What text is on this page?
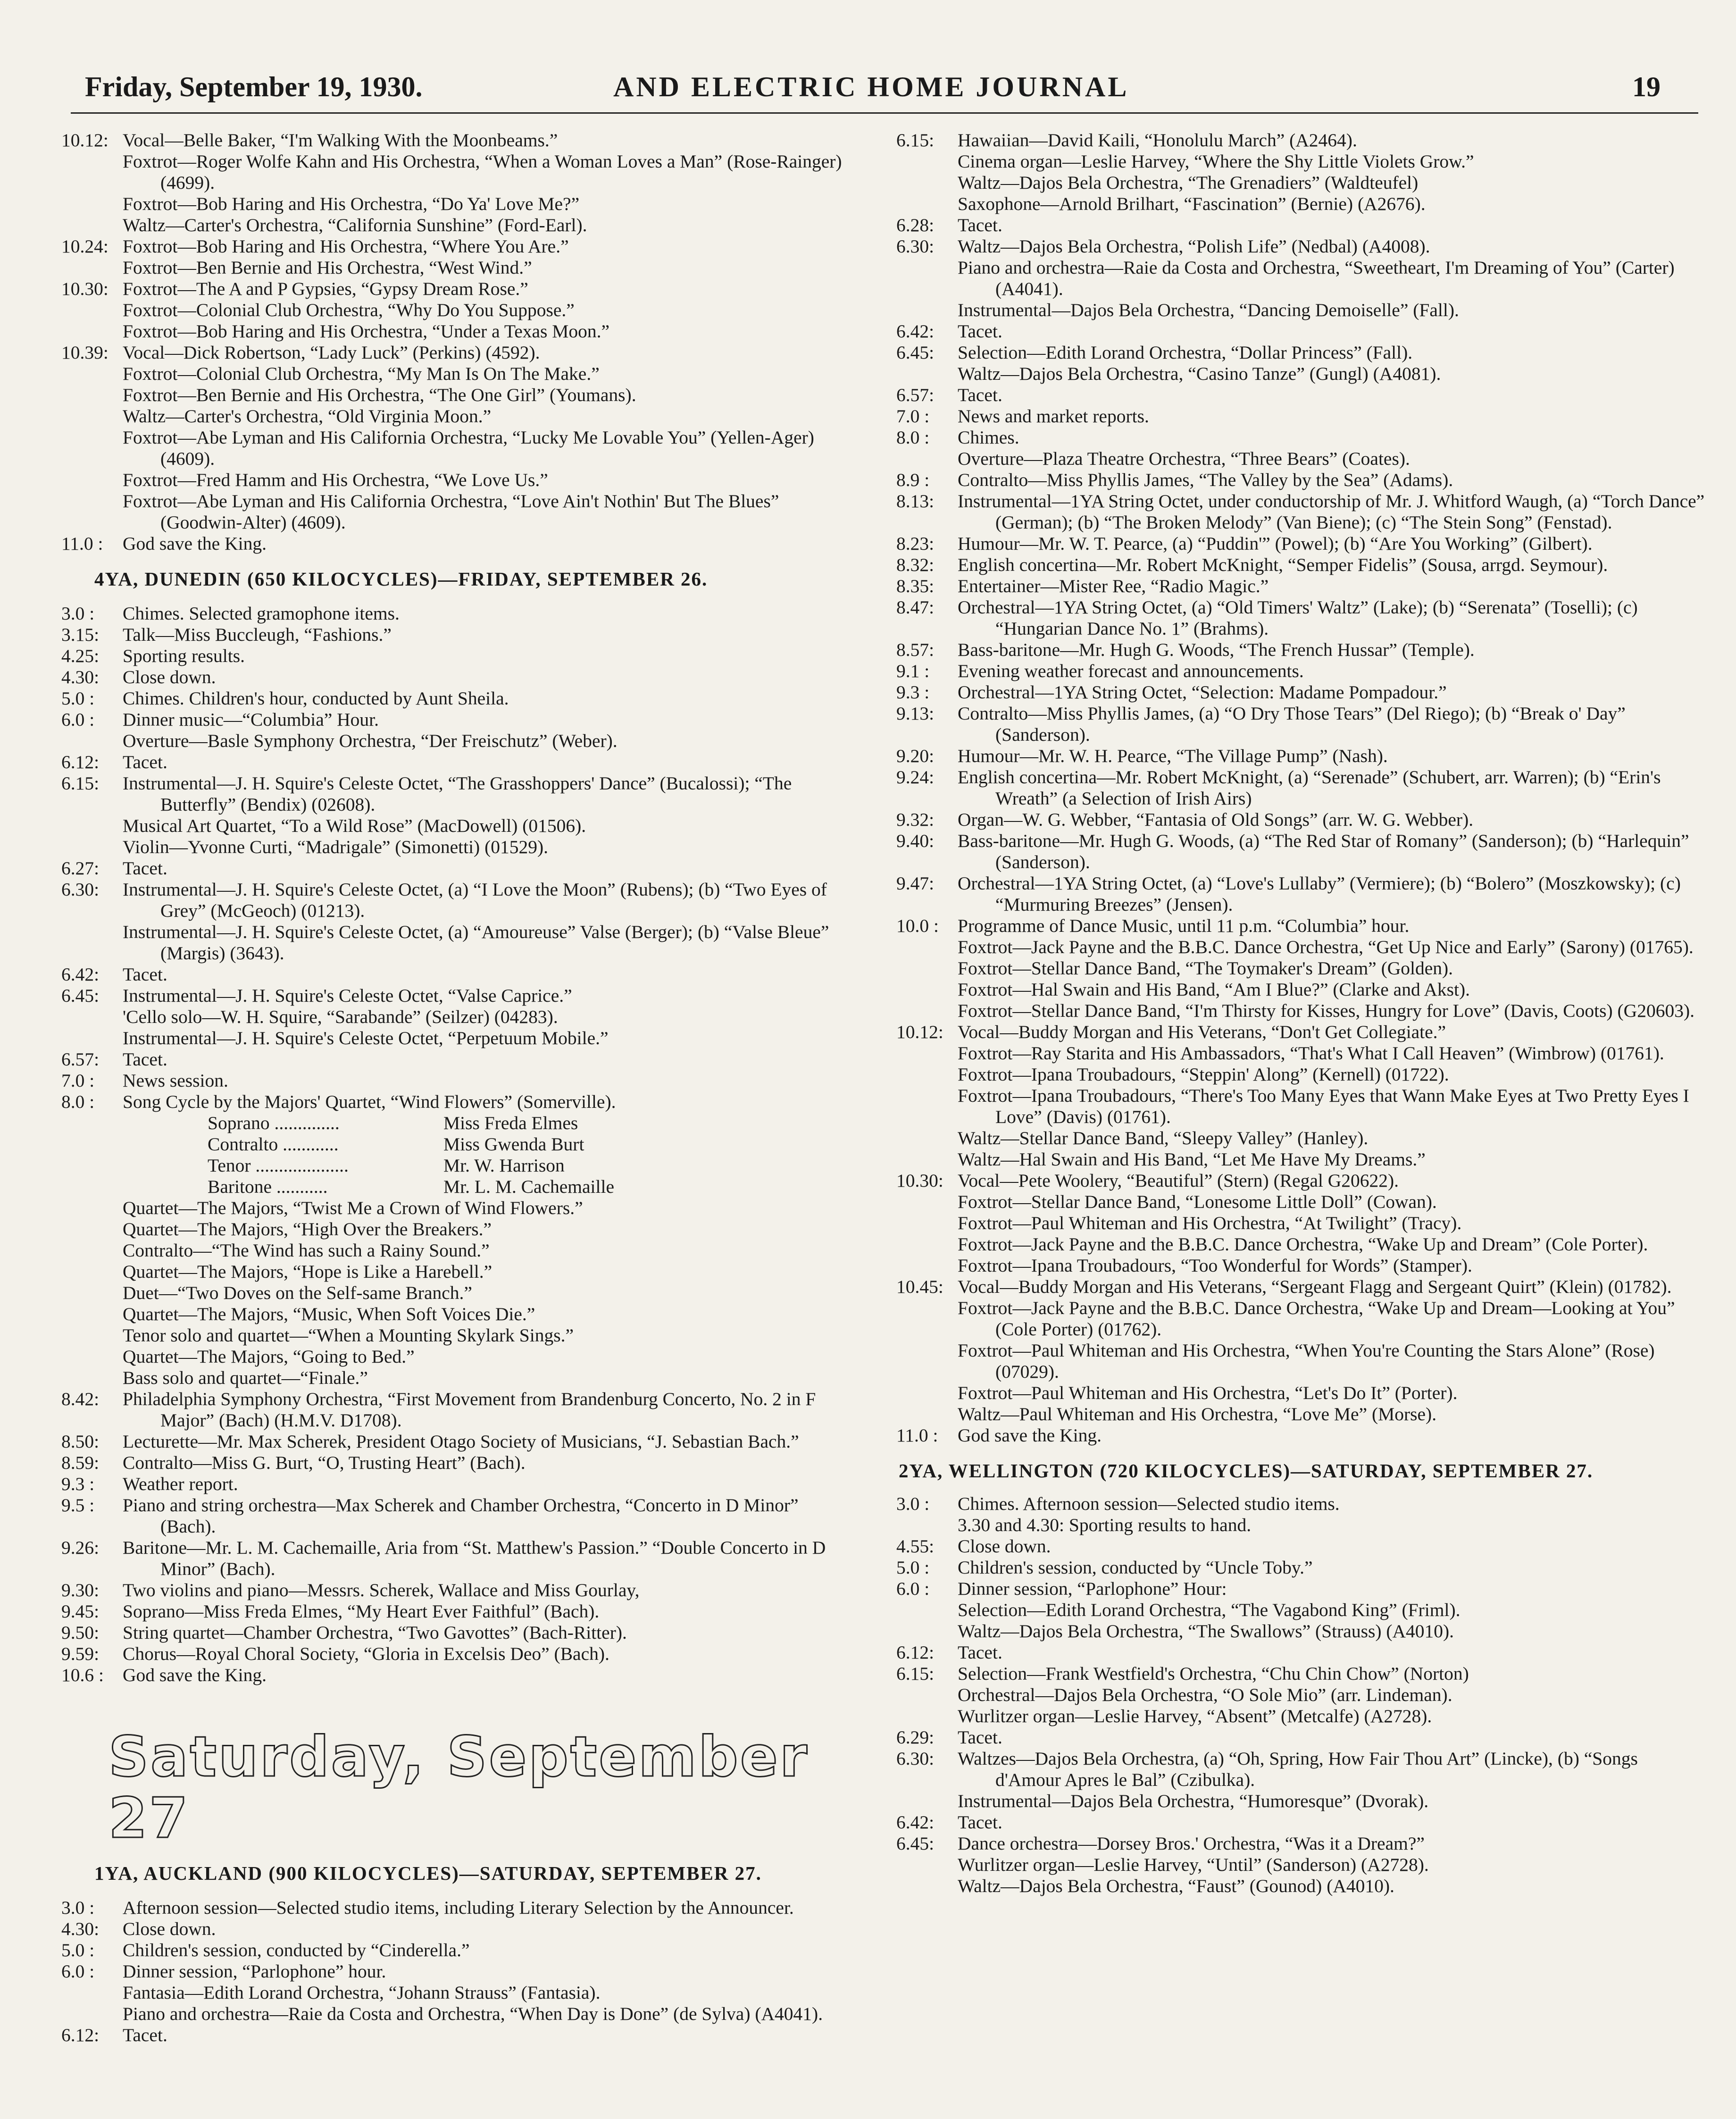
Friday, September 19, 1930.	AND ELECTRIC HOME JOURNAL	19
10.12: Vocal—Belle Baker, “I'm Walking With the Moonbeams.”
Foxtrot—Roger Wolfe Kahn and His Orchestra, “When a Woman Loves a Man” (Rose-Rainger) (4699).
Foxtrot—Bob Haring and His Orchestra, “Do Ya' Love Me?”
Waltz—Carter's Orchestra, “California Sunshine” (Ford-Earl).
10.24: Foxtrot—Bob Haring and His Orchestra, “Where You Are.”
Foxtrot—Ben Bernie and His Orchestra, “West Wind.”
10.30: Foxtrot—The A and P Gypsies, “Gypsy Dream Rose.”
Foxtrot—Colonial Club Orchestra, “Why Do You Suppose.”
Foxtrot—Bob Haring and His Orchestra, “Under a Texas Moon.”
10.39: Vocal—Dick Robertson, “Lady Luck” (Perkins) (4592).
Foxtrot—Colonial Club Orchestra, “My Man Is On The Make.”
Foxtrot—Ben Bernie and His Orchestra, “The One Girl” (Youmans).
Waltz—Carter's Orchestra, “Old Virginia Moon.”
Foxtrot—Abe Lyman and His California Orchestra, “Lucky Me Lovable You” (Yellen-Ager) (4609).
Foxtrot—Fred Hamm and His Orchestra, “We Love Us.”
Foxtrot—Abe Lyman and His California Orchestra, “Love Ain't Nothin' But The Blues” (Goodwin-Alter) (4609).
11.0 :	God save the King.
4YA, DUNEDIN (650 KILOCYCLES)—FRIDAY, SEPTEMBER 26.
3.0 :	Chimes. Selected gramophone items.
3.15:	Talk—Miss Buccleugh, “Fashions.”
4.25:	Sporting results.
4.30:	Close down.
5.0 :	Chimes. Children's hour, conducted by Aunt Sheila.
6.0 :	Dinner music—“Columbia” Hour.
Overture—Basle Symphony Orchestra, “Der Freischutz” (Weber).
6.12:	Tacet.
6.15:	Instrumental—J. H. Squire's Celeste Octet, “The Grasshoppers' Dance” (Bucalossi); “The Butterfly” (Bendix) (02608).
Musical Art Quartet, “To a Wild Rose” (MacDowell) (01506).
Violin—Yvonne Curti, “Madrigale” (Simonetti) (01529).
6.27:	Tacet.
6.30:	Instrumental—J. H. Squire's Celeste Octet, (a) “I Love the Moon” (Rubens); (b) “Two Eyes of Grey” (McGeoch) (01213).
Instrumental—J. H. Squire's Celeste Octet, (a) “Amoureuse” Valse (Berger); (b) “Valse Bleue” (Margis) (3643).
6.42:	Tacet.
6.45:	Instrumental—J. H. Squire's Celeste Octet, “Valse Caprice.”
'Cello solo—W. H. Squire, “Sarabande” (Seilzer) (04283).
Instrumental—J. H. Squire's Celeste Octet, “Perpetuum Mobile.”
6.57:	Tacet.
7.0 :	News session.
8.0 :	Song Cycle by the Majors' Quartet, “Wind Flowers” (Somerville).
Soprano ..............	Miss Freda Elmes
Contralto ............	Miss Gwenda Burt
Tenor ....................	Mr. W. Harrison
Baritone ...........	Mr. L. M. Cachemaille
Quartet—The Majors, “Twist Me a Crown of Wind Flowers.”
Quartet—The Majors, “High Over the Breakers.”
Contralto—“The Wind has such a Rainy Sound.”
Quartet—The Majors, “Hope is Like a Harebell.”
Duet—“Two Doves on the Self-same Branch.”
Quartet—The Majors, “Music, When Soft Voices Die.”
Tenor solo and quartet—“When a Mounting Skylark Sings.”
Quartet—The Majors, “Going to Bed.”
Bass solo and quartet—“Finale.”
8.42:	Philadelphia Symphony Orchestra, “First Movement from Brandenburg Concerto, No. 2 in F Major” (Bach) (H.M.V. D1708).
8.50:	Lecturette—Mr. Max Scherek, President Otago Society of Musicians, “J. Sebastian Bach.”
8.59:	Contralto—Miss G. Burt, “O, Trusting Heart” (Bach).
9.3 :	Weather report.
9.5 :	Piano and string orchestra—Max Scherek and Chamber Orchestra, “Concerto in D Minor” (Bach).
9.26:	Baritone—Mr. L. M. Cachemaille, Aria from “St. Matthew's Passion.” “Double Concerto in D Minor” (Bach).
9.30:	Two violins and piano—Messrs. Scherek, Wallace and Miss Gourlay,
9.45:	Soprano—Miss Freda Elmes, “My Heart Ever Faithful” (Bach).
9.50:	String quartet—Chamber Orchestra, “Two Gavottes” (Bach-Ritter).
9.59:	Chorus—Royal Choral Society, “Gloria in Excelsis Deo” (Bach).
10.6 :	God save the King.
Saturday, September 27
1YA, AUCKLAND (900 KILOCYCLES)—SATURDAY, SEPTEMBER 27.
3.0 :	Afternoon session—Selected studio items, including Literary Selection by the Announcer.
4.30:	Close down.
5.0 :	Children's session, conducted by “Cinderella.”
6.0 :	Dinner session, “Parlophone” hour.
Fantasia—Edith Lorand Orchestra, “Johann Strauss” (Fantasia).
Piano and orchestra—Raie da Costa and Orchestra, “When Day is Done” (de Sylva) (A4041).
6.12:	Tacet.
6.15:	Hawaiian—David Kaili, “Honolulu March” (A2464).
Cinema organ—Leslie Harvey, “Where the Shy Little Violets Grow.”
Waltz—Dajos Bela Orchestra, “The Grenadiers” (Waldteufel)
Saxophone—Arnold Brilhart, “Fascination” (Bernie) (A2676).
6.28:	Tacet.
6.30:	Waltz—Dajos Bela Orchestra, “Polish Life” (Nedbal) (A4008).
Piano and orchestra—Raie da Costa and Orchestra, “Sweetheart, I'm Dreaming of You” (Carter) (A4041).
Instrumental—Dajos Bela Orchestra, “Dancing Demoiselle” (Fall).
6.42:	Tacet.
6.45:	Selection—Edith Lorand Orchestra, “Dollar Princess” (Fall).
Waltz—Dajos Bela Orchestra, “Casino Tanze” (Gungl) (A4081).
6.57:	Tacet.
7.0 :	News and market reports.
8.0 :	Chimes.
Overture—Plaza Theatre Orchestra, “Three Bears” (Coates).
8.9 :	Contralto—Miss Phyllis James, “The Valley by the Sea” (Adams).
8.13:	Instrumental—1YA String Octet, under conductorship of Mr. J. Whitford Waugh, (a) “Torch Dance” (German); (b) “The Broken Melody” (Van Biene); (c) “The Stein Song” (Fenstad).
8.23:	Humour—Mr. W. T. Pearce, (a) “Puddin'” (Powel); (b) “Are You Working” (Gilbert).
8.32:	English concertina—Mr. Robert McKnight, “Semper Fidelis” (Sousa, arrgd. Seymour).
8.35:	Entertainer—Mister Ree, “Radio Magic.”
8.47:	Orchestral—1YA String Octet, (a) “Old Timers' Waltz” (Lake); (b) “Serenata” (Toselli); (c) “Hungarian Dance No. 1” (Brahms).
8.57:	Bass-baritone—Mr. Hugh G. Woods, “The French Hussar” (Temple).
9.1 :	Evening weather forecast and announcements.
9.3 :	Orchestral—1YA String Octet, “Selection: Madame Pompadour.”
9.13:	Contralto—Miss Phyllis James, (a) “O Dry Those Tears” (Del Riego); (b) “Break o' Day” (Sanderson).
9.20:	Humour—Mr. W. H. Pearce, “The Village Pump” (Nash).
9.24:	English concertina—Mr. Robert McKnight, (a) “Serenade” (Schubert, arr. Warren); (b) “Erin's Wreath” (a Selection of Irish Airs)
9.32:	Organ—W. G. Webber, “Fantasia of Old Songs” (arr. W. G. Webber).
9.40:	Bass-baritone—Mr. Hugh G. Woods, (a) “The Red Star of Romany” (Sanderson); (b) “Harlequin” (Sanderson).
9.47:	Orchestral—1YA String Octet, (a) “Love's Lullaby” (Vermiere); (b) “Bolero” (Moszkowsky); (c) “Murmuring Breezes” (Jensen).
10.0 :	Programme of Dance Music, until 11 p.m. “Columbia” hour.
Foxtrot—Jack Payne and the B.B.C. Dance Orchestra, “Get Up Nice and Early” (Sarony) (01765).
Foxtrot—Stellar Dance Band, “The Toymaker's Dream” (Golden).
Foxtrot—Hal Swain and His Band, “Am I Blue?” (Clarke and Akst).
Foxtrot—Stellar Dance Band, “I'm Thirsty for Kisses, Hungry for Love” (Davis, Coots) (G20603).
10.12: Vocal—Buddy Morgan and His Veterans, “Don't Get Collegiate.”
Foxtrot—Ray Starita and His Ambassadors, “That's What I Call Heaven” (Wimbrow) (01761).
Foxtrot—Ipana Troubadours, “Steppin' Along” (Kernell) (01722).
Foxtrot—Ipana Troubadours, “There's Too Many Eyes that Wann Make Eyes at Two Pretty Eyes I Love” (Davis) (01761).
Waltz—Stellar Dance Band, “Sleepy Valley” (Hanley).
Waltz—Hal Swain and His Band, “Let Me Have My Dreams.”
10.30: Vocal—Pete Woolery, “Beautiful” (Stern) (Regal G20622).
Foxtrot—Stellar Dance Band, “Lonesome Little Doll” (Cowan).
Foxtrot—Paul Whiteman and His Orchestra, “At Twilight” (Tracy).
Foxtrot—Jack Payne and the B.B.C. Dance Orchestra, “Wake Up and Dream” (Cole Porter).
Foxtrot—Ipana Troubadours, “Too Wonderful for Words” (Stamper).
10.45: Vocal—Buddy Morgan and His Veterans, “Sergeant Flagg and Sergeant Quirt” (Klein) (01782).
Foxtrot—Jack Payne and the B.B.C. Dance Orchestra, “Wake Up and Dream—Looking at You” (Cole Porter) (01762).
Foxtrot—Paul Whiteman and His Orchestra, “When You're Counting the Stars Alone” (Rose) (07029).
Foxtrot—Paul Whiteman and His Orchestra, “Let's Do It” (Porter).
Waltz—Paul Whiteman and His Orchestra, “Love Me” (Morse).
11.0 :	God save the King.
2YA, WELLINGTON (720 KILOCYCLES)—SATURDAY, SEPTEMBER 27.
3.0 :	Chimes. Afternoon session—Selected studio items.
3.30 and 4.30: Sporting results to hand.
4.55:	Close down.
5.0 :	Children's session, conducted by “Uncle Toby.”
6.0 :	Dinner session, “Parlophone” Hour:
Selection—Edith Lorand Orchestra, “The Vagabond King” (Friml).
Waltz—Dajos Bela Orchestra, “The Swallows” (Strauss) (A4010).
6.12:	Tacet.
6.15:	Selection—Frank Westfield's Orchestra, “Chu Chin Chow” (Norton)
Orchestral—Dajos Bela Orchestra, “O Sole Mio” (arr. Lindeman).
Wurlitzer organ—Leslie Harvey, “Absent” (Metcalfe) (A2728).
6.29:	Tacet.
6.30:	Waltzes—Dajos Bela Orchestra, (a) “Oh, Spring, How Fair Thou Art” (Lincke), (b) “Songs d'Amour Apres le Bal” (Czibulka).
Instrumental—Dajos Bela Orchestra, “Humoresque” (Dvorak).
6.42:	Tacet.
6.45:	Dance orchestra—Dorsey Bros.' Orchestra, “Was it a Dream?”
Wurlitzer organ—Leslie Harvey, “Until” (Sanderson) (A2728).
Waltz—Dajos Bela Orchestra, “Faust” (Gounod) (A4010).
